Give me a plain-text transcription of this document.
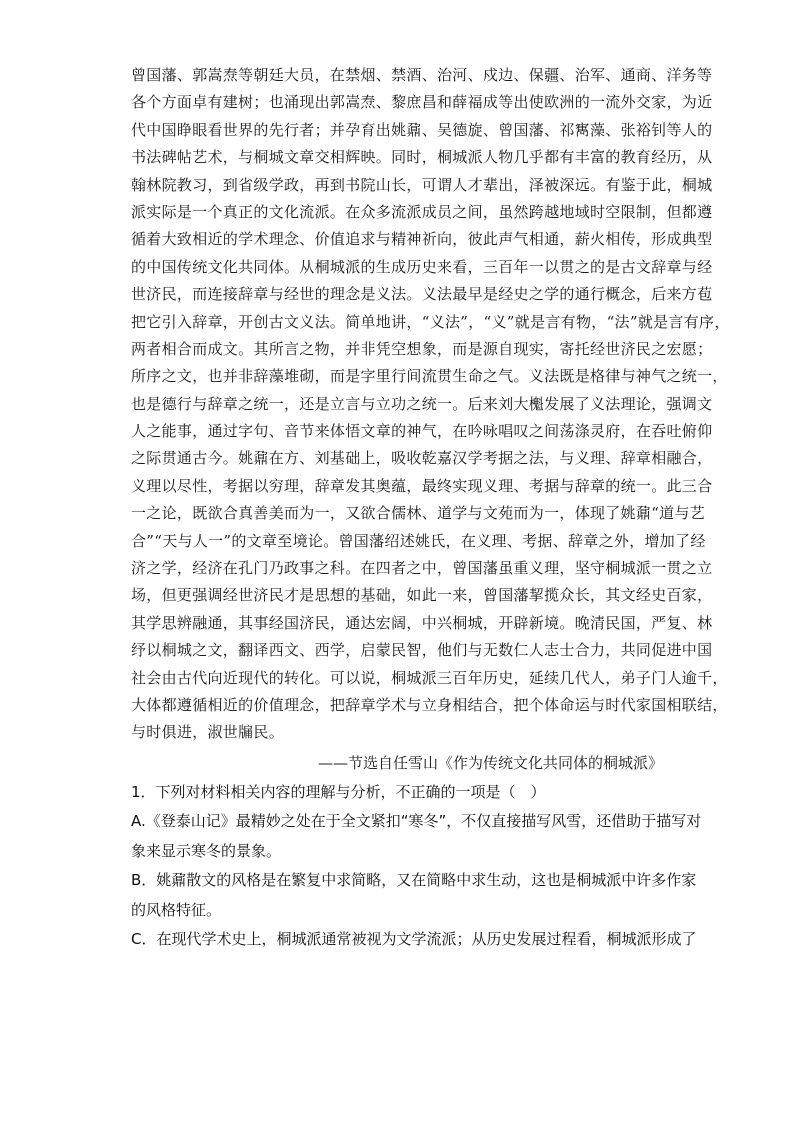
曾国藩、郭嵩焘等朝廷大员，在禁烟、禁酒、治河、戍边、保疆、治军、通商、洋务等
各个方面卓有建树；也涌现出郭嵩焘、黎庶昌和薛福成等出使欧洲的一流外交家，为近
代中国睁眼看世界的先行者；并孕育出姚鼐、吴德旋、曾国藩、祁寯藻、张裕钊等人的
书法碑帖艺术，与桐城文章交相辉映。同时，桐城派人物几乎都有丰富的教育经历，从
翰林院教习，到省级学政，再到书院山长，可谓人才辈出，泽被深远。有鉴于此，桐城
派实际是一个真正的文化流派。在众多流派成员之间，虽然跨越地域时空限制，但都遵
循着大致相近的学术理念、价值追求与精神祈向，彼此声气相通，薪火相传，形成典型
的中国传统文化共同体。从桐城派的生成历史来看，三百年一以贯之的是古文辞章与经
世济民，而连接辞章与经世的理念是义法。义法最早是经史之学的通行概念，后来方苞
把它引入辞章，开创古文义法。简单地讲，“义法”，“义”就是言有物，“法”就是言有序，
两者相合而成文。其所言之物，并非凭空想象，而是源自现实，寄托经世济民之宏愿；
所序之文，也并非辞藻堆砌，而是字里行间流贯生命之气。义法既是格律与神气之统一，
也是德行与辞章之统一，还是立言与立功之统一。后来刘大櫆发展了义法理论，强调文
人之能事，通过字句、音节来体悟文章的神气，在吟咏唱叹之间荡涤灵府，在吞吐俯仰
之际贯通古今。姚鼐在方、刘基础上，吸收乾嘉汉学考据之法，与义理、辞章相融合，
义理以尽性，考据以穷理，辞章发其奥蕴，最终实现义理、考据与辞章的统一。此三合
一之论，既欲合真善美而为一，又欲合儒林、道学与文苑而为一，体现了姚鼐“道与艺
合”“天与人一”的文章至境论。曾国藩绍述姚氏，在义理、考据、辞章之外，增加了经
济之学，经济在孔门乃政事之科。在四者之中，曾国藩虽重义理，坚守桐城派一贯之立
场，但更强调经世济民才是思想的基础，如此一来，曾国藩挈揽众长，其文经史百家，
其学思辨融通，其事经国济民，通达宏阔，中兴桐城，开辟新境。晚清民国，严复、林
纾以桐城之文，翻译西文、西学，启蒙民智，他们与无数仁人志士合力，共同促进中国
社会由古代向近现代的转化。可以说，桐城派三百年历史，延续几代人，弟子门人逾千，
大体都遵循相近的价值理念，把辞章学术与立身相结合，把个体命运与时代家国相联结，
与时俱进，淑世牖民。
——节选自任雪山《作为传统文化共同体的桐城派》
1．下列对材料相关内容的理解与分析，不正确的一项是（　）
A.《登泰山记》最精妙之处在于全文紧扣“寒冬”，不仅直接描写风雪，还借助于描写对
象来显示寒冬的景象。
B．姚鼐散文的风格是在繁复中求简略，又在简略中求生动，这也是桐城派中许多作家
的风格特征。
C．在现代学术史上，桐城派通常被视为文学流派；从历史发展过程看，桐城派形成了
